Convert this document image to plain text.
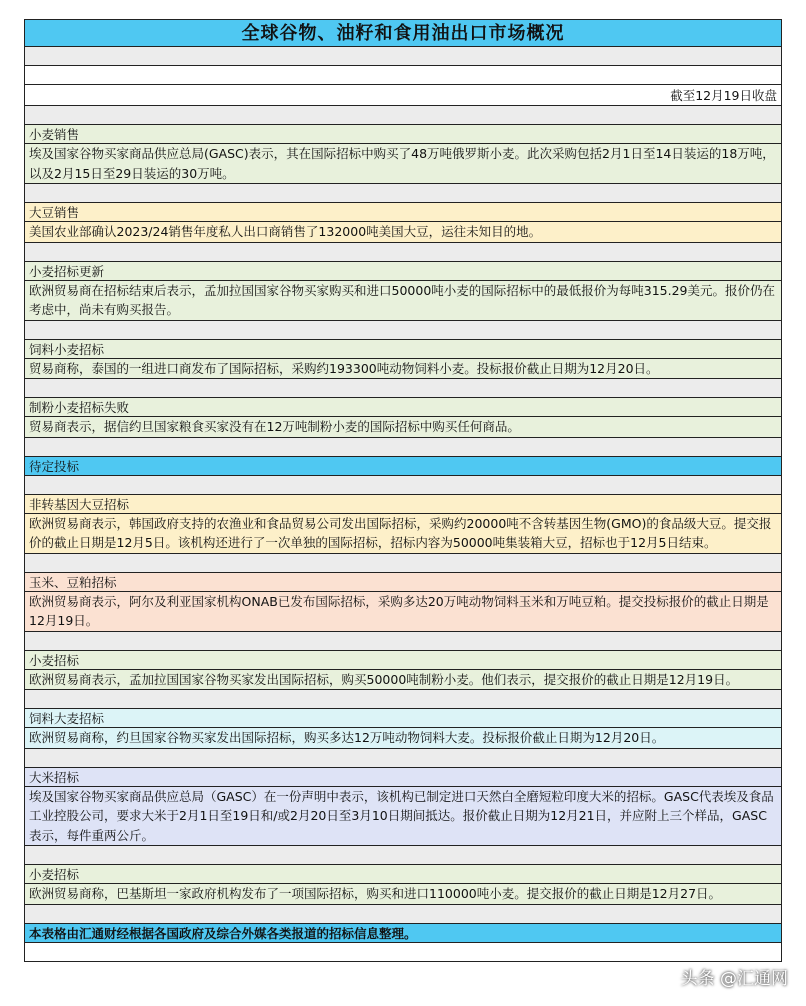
全球谷物、油籽和食用油出口市场概况
截至12月19日收盘
小麦销售
埃及国家谷物买家商品供应总局(GASC)表示，其在国际招标中购买了48万吨俄罗斯小麦。此次采购包括2月1日至14日装运的18万吨，以及2月15日至29日装运的30万吨。
大豆销售
美国农业部确认2023/24销售年度私人出口商销售了132000吨美国大豆，运往未知目的地。
小麦招标更新
欧洲贸易商在招标结束后表示，孟加拉国国家谷物买家购买和进口50000吨小麦的国际招标中的最低报价为每吨315.29美元。报价仍在考虑中，尚未有购买报告。
饲料小麦招标
贸易商称，泰国的一组进口商发布了国际招标，采购约193300吨动物饲料小麦。投标报价截止日期为12月20日。
制粉小麦招标失败
贸易商表示，据信约旦国家粮食买家没有在12万吨制粉小麦的国际招标中购买任何商品。
待定投标
非转基因大豆招标
欧洲贸易商表示，韩国政府支持的农渔业和食品贸易公司发出国际招标，采购约20000吨不含转基因生物(GMO)的食品级大豆。提交报价的截止日期是12月5日。该机构还进行了一次单独的国际招标，招标内容为50000吨集装箱大豆，招标也于12月5日结束。
玉米、豆粕招标
欧洲贸易商表示，阿尔及利亚国家机构ONAB已发布国际招标，采购多达20万吨动物饲料玉米和万吨豆粕。提交投标报价的截止日期是12月19日。
小麦招标
欧洲贸易商表示，孟加拉国国家谷物买家发出国际招标，购买50000吨制粉小麦。他们表示，提交报价的截止日期是12月19日。
饲料大麦招标
欧洲贸易商称，约旦国家谷物买家发出国际招标，购买多达12万吨动物饲料大麦。投标报价截止日期为12月20日。
大米招标
埃及国家谷物买家商品供应总局（GASC）在一份声明中表示，该机构已制定进口天然白全磨短粒印度大米的招标。GASC代表埃及食品工业控股公司，要求大米于2月1日至19日和/或2月20日至3月10日期间抵达。报价截止日期为12月21日，并应附上三个样品，GASC表示，每件重两公斤。
小麦招标
欧洲贸易商称，巴基斯坦一家政府机构发布了一项国际招标，购买和进口110000吨小麦。提交报价的截止日期是12月27日。
本表格由汇通财经根据各国政府及综合外媒各类报道的招标信息整理。
头条 @汇通网
